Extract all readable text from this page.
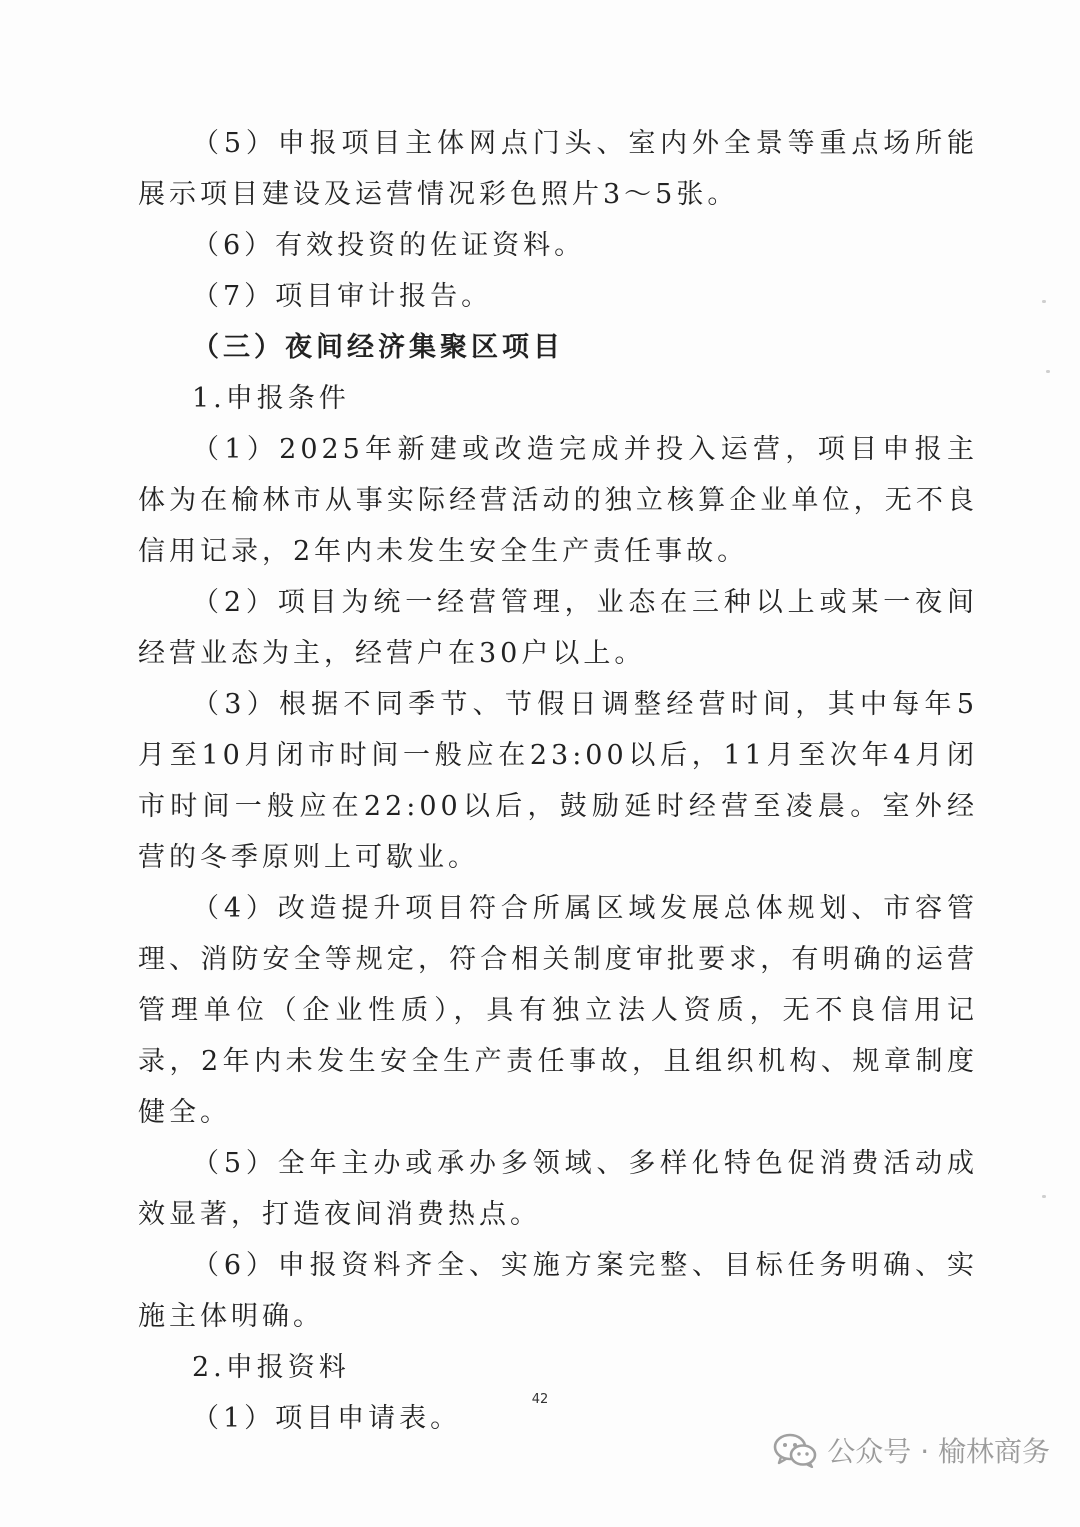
（5）申报项目主体网点门头、室内外全景等重点场所能展示项目建设及运营情况彩色照片3～5张。

（6）有效投资的佐证资料。

（7）项目审计报告。

（三）夜间经济集聚区项目

1.申报条件

（1）2025年新建或改造完成并投入运营，项目申报主体为在榆林市从事实际经营活动的独立核算企业单位，无不良信用记录，2年内未发生安全生产责任事故。

（2）项目为统一经营管理，业态在三种以上或某一夜间经营业态为主，经营户在30户以上。

（3）根据不同季节、节假日调整经营时间，其中每年5月至10月闭市时间一般应在23:00以后，11月至次年4月闭市时间一般应在22:00以后，鼓励延时经营至凌晨。室外经营的冬季原则上可歇业。

（4）改造提升项目符合所属区域发展总体规划、市容管理、消防安全等规定，符合相关制度审批要求，有明确的运营管理单位（企业性质），具有独立法人资质，无不良信用记录，2年内未发生安全生产责任事故，且组织机构、规章制度健全。

（5）全年主办或承办多领域、多样化特色促消费活动成效显著，打造夜间消费热点。

（6）申报资料齐全、实施方案完整、目标任务明确、实施主体明确。

2.申报资料

（1）项目申请表。

42
公众号 · 榆林商务
